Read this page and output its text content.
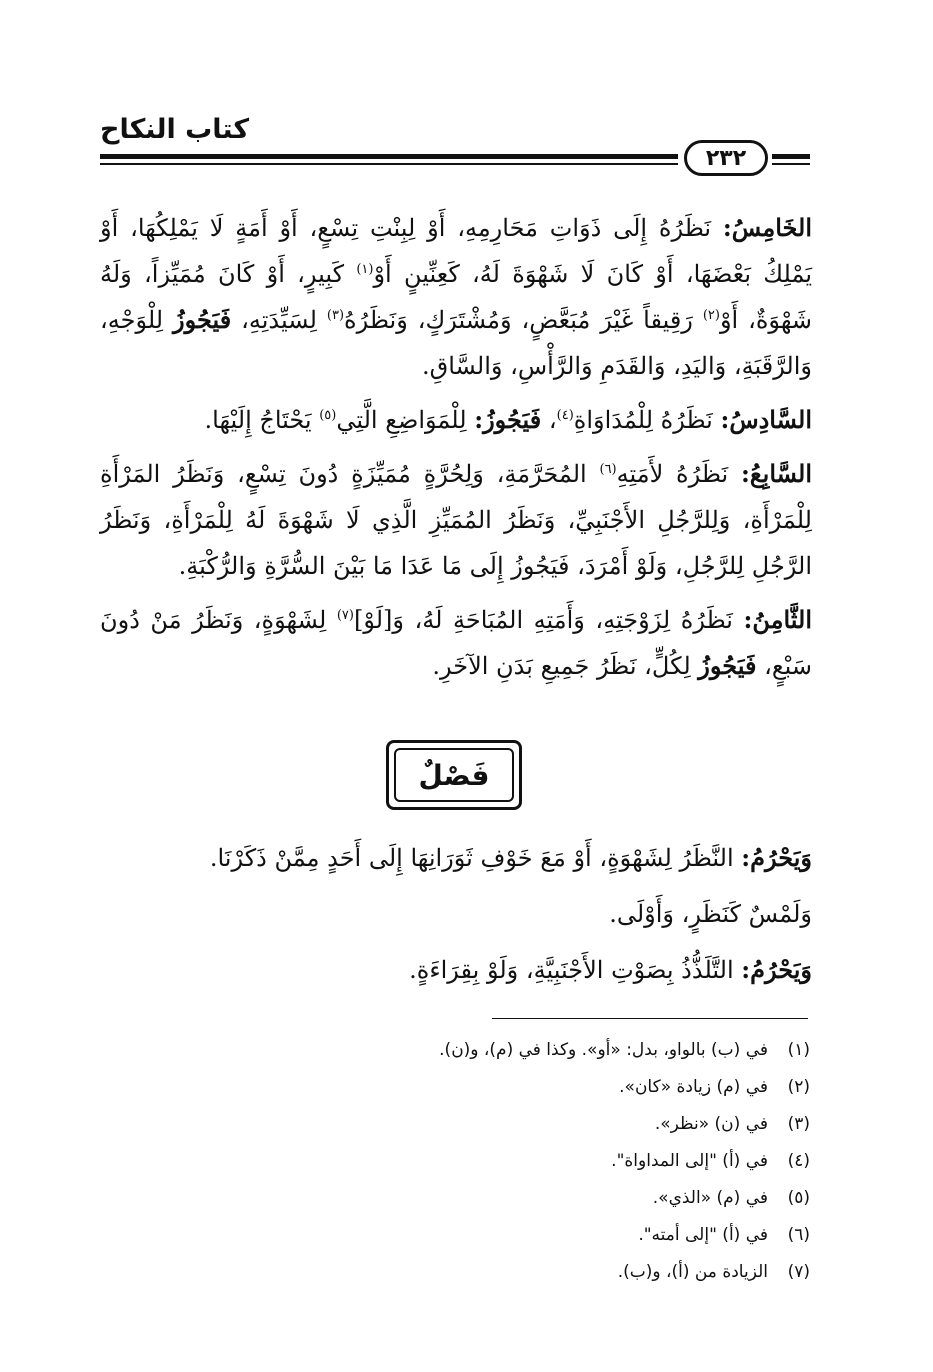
كتاب النكاح
٢٣٢

الخَامِسُ: نَظَرُهُ إِلَى ذَوَاتِ مَحَارِمِهِ، أَوْ لِبِنْتِ تِسْعٍ، أَوْ أَمَةٍ لَا يَمْلِكُهَا، أَوْ يَمْلِكُ بَعْضَهَا، أَوْ كَانَ لَا شَهْوَةَ لَهُ، كَعِنِّينٍ أَوْ$^{(١)}$ كَبِيرٍ، أَوْ كَانَ مُمَيِّزاً، وَلَهُ شَهْوَةٌ، أَوْ$^{(٢)}$ رَقِيقاً غَيْرَ مُبَعَّضٍ، وَمُشْتَرَكٍ، وَنَظَرُهُ$^{(٣)}$ لِسَيِّدَتِهِ، فَيَجُوزُ لِلْوَجْهِ، وَالرَّقَبَةِ، وَاليَدِ، وَالقَدَمِ وَالرَّأْسِ، وَالسَّاقِ.

السَّادِسُ: نَظَرُهُ لِلْمُدَاوَاةِ$^{(٤)}$، فَيَجُوزُ: لِلْمَوَاضِعِ الَّتِي$^{(٥)}$ يَحْتَاجُ إِلَيْهَا.

السَّابِعُ: نَظَرُهُ لأَمَتِهِ$^{(٦)}$ المُحَرَّمَةِ، وَلِحُرَّةٍ مُمَيِّزَةٍ دُونَ تِسْعٍ، وَنَظَرُ المَرْأَةِ لِلْمَرْأَةِ، وَلِلرَّجُلِ الأَجْنَبِيِّ، وَنَظَرُ المُمَيِّزِ الَّذِي لَا شَهْوَةَ لَهُ لِلْمَرْأَةِ، وَنَظَرُ الرَّجُلِ لِلرَّجُلِ، وَلَوْ أَمْرَدَ، فَيَجُوزُ إِلَى مَا عَدَا مَا بَيْنَ السُّرَّةِ وَالرُّكْبَةِ.

الثَّامِنُ: نَظَرُهُ لِزَوْجَتِهِ، وَأَمَتِهِ المُبَاحَةِ لَهُ، وَ[لَوْ]$^{(٧)}$ لِشَهْوَةٍ، وَنَظَرُ مَنْ دُونَ سَبْعٍ، فَيَجُوزُ لِكُلٍّ، نَظَرُ جَمِيعِ بَدَنِ الآخَرِ.

فَصْلٌ

وَيَحْرُمُ: النَّظَرُ لِشَهْوَةٍ، أَوْ مَعَ خَوْفِ ثَوَرَانِهَا إِلَى أَحَدٍ مِمَّنْ ذَكَرْنَا.

وَلَمْسٌ كَنَظَرٍ، وَأَوْلَى.

وَيَحْرُمُ: التَّلَذُّذُ بِصَوْتِ الأَجْنَبِيَّةِ، وَلَوْ بِقِرَاءَةٍ.

(١)في (ب) بالواو، بدل: «أو». وكذا في (م)، و(ن).
(٢)في (م) زيادة «كان».
(٣)في (ن) «نظر».
(٤)في (أ) "إلى المداواة".
(٥)في (م) «الذي».
(٦)في (أ) "إلى أمته".
(٧)الزيادة من (أ)، و(ب).
